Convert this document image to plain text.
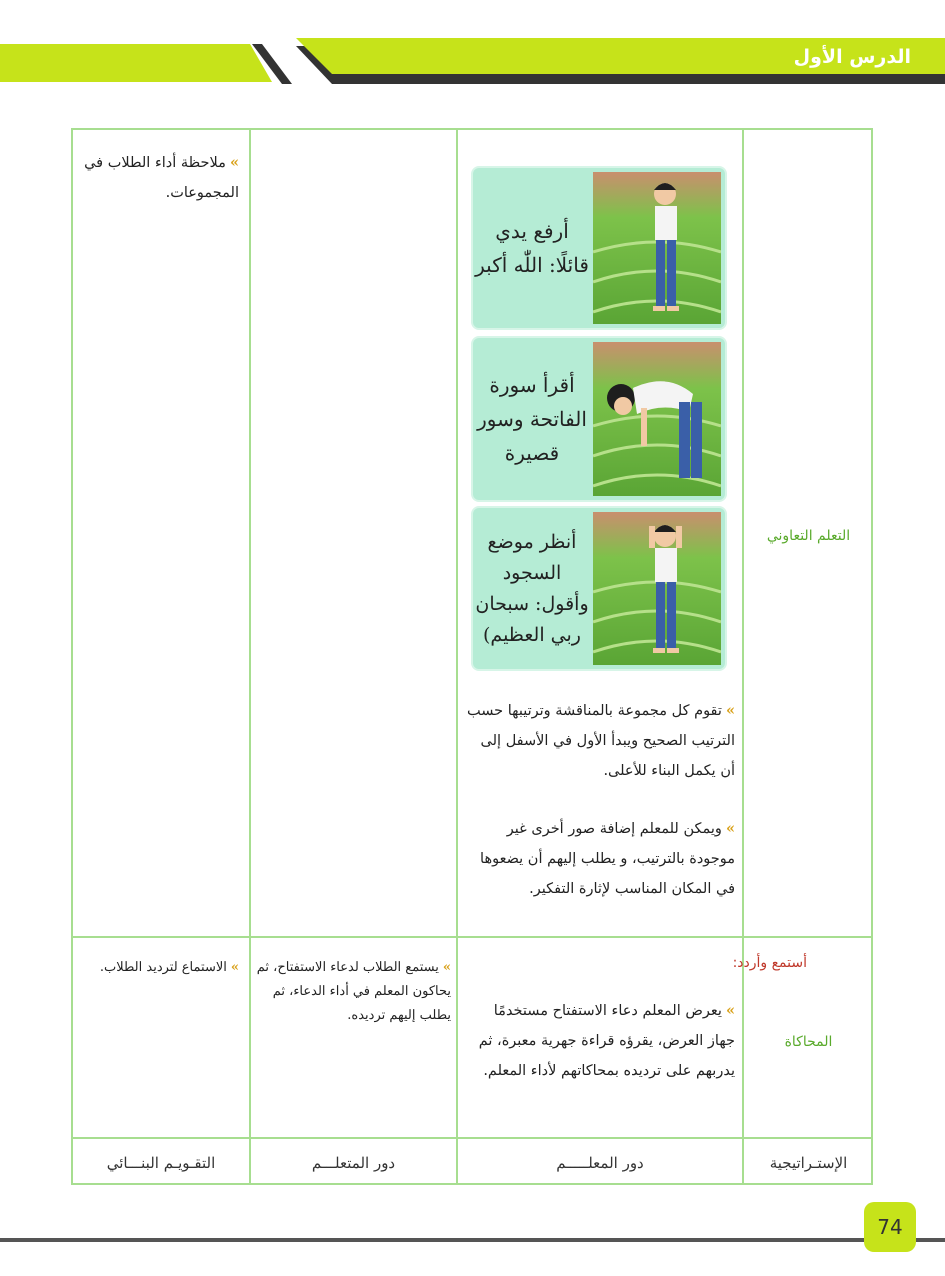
الدرس الأول
التعلم التعاوني
»ملاحظة أداء الطلاب في المجموعات.
»تقوم كل مجموعة بالمناقشة وترتيبها حسب الترتيب الصحيح ويبدأ الأول في الأسفل إلى أن يكمل البناء للأعلى.
»ويمكن للمعلم إضافة صور أخرى غير موجودة بالترتيب، و يطلب إليهم أن يضعوها في المكان المناسب لإثارة التفكير.
المحاكاة
»يعرض المعلم دعاء الاستفتاح مستخدمًا جهاز العرض، يقرؤه قراءة جهرية معبرة، ثم يدربهم على ترديده بمحاكاتهم لأداء المعلم.
»يستمع الطلاب لدعاء الاستفتاح، ثم يحاكون المعلم في أداء الدعاء، ثم يطلب إليهم ترديده.
»الاستماع لترديد الطلاب.
الإستـراتيجية
دور المعلـــــم
دور المتعلـــم
التقـويـم البنـــائي
أستمع وأردد:
أرفع يدي قائلًا: اللّٰه أكبر
أقرأ سورة الفاتحة وسور قصيرة
أنظر موضع السجود وأقول: سبحان ربي العظيم)
74
